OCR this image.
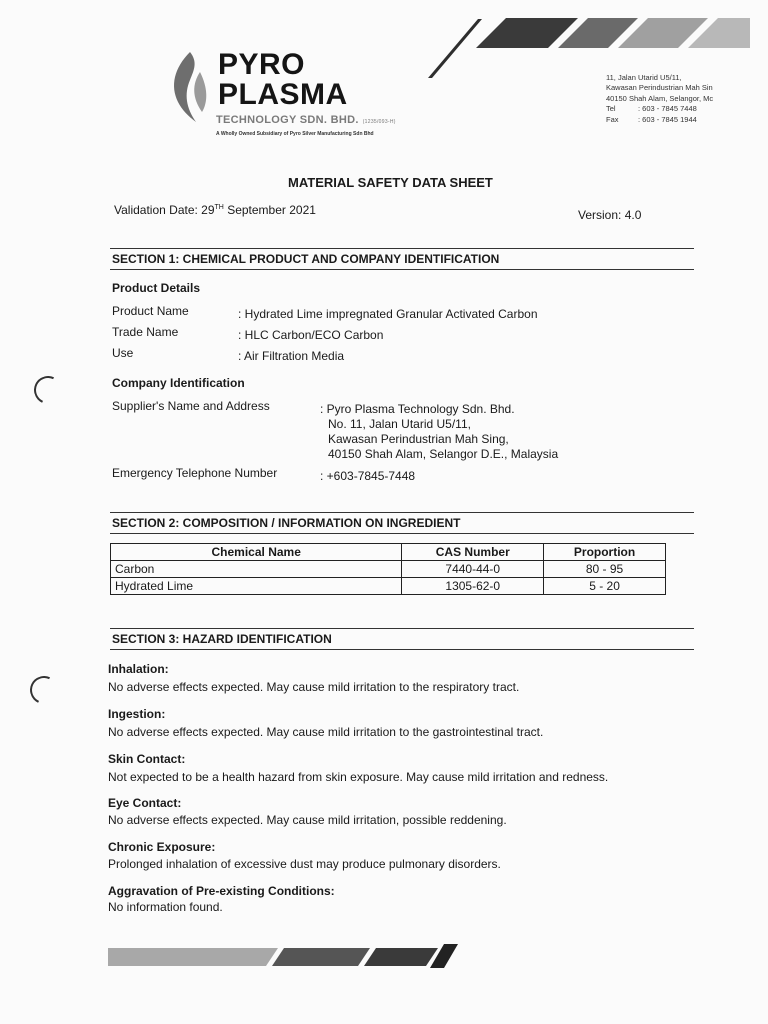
PYRO
PLASMA
TECHNOLOGY SDN. BHD. (1235/093-H)
A Wholly Owned Subsidiary of Pyro Silver Manufacturing Sdn Bhd
11, Jalan Utarid U5/11,
Kawasan Perindustrian Mah Sin
40150 Shah Alam, Selangor, Mc
Tel	: 603 - 7845 7448
Fax	: 603 - 7845 1944
MATERIAL SAFETY DATA SHEET
Validation Date: 29TH September 2021	Version: 4.0
SECTION 1: CHEMICAL PRODUCT AND COMPANY IDENTIFICATION
Product Details
Product Name	: Hydrated Lime impregnated Granular Activated Carbon
Trade Name	: HLC Carbon/ECO Carbon
Use	: Air Filtration Media
Company Identification
Supplier's Name and Address	: Pyro Plasma Technology Sdn. Bhd.
No. 11, Jalan Utarid U5/11,
Kawasan Perindustrian Mah Sing,
40150 Shah Alam, Selangor D.E., Malaysia
Emergency Telephone Number	: +603-7845-7448
SECTION 2: COMPOSITION / INFORMATION ON INGREDIENT
Chemical Name	CAS Number	Proportion
Carbon	7440-44-0	80 - 95
Hydrated Lime	1305-62-0	5 - 20
SECTION 3: HAZARD IDENTIFICATION
Inhalation:
No adverse effects expected. May cause mild irritation to the respiratory tract.
Ingestion:
No adverse effects expected. May cause mild irritation to the gastrointestinal tract.
Skin Contact:
Not expected to be a health hazard from skin exposure. May cause mild irritation and redness.
Eye Contact:
No adverse effects expected. May cause mild irritation, possible reddening.
Chronic Exposure:
Prolonged inhalation of excessive dust may produce pulmonary disorders.
Aggravation of Pre-existing Conditions:
No information found.
